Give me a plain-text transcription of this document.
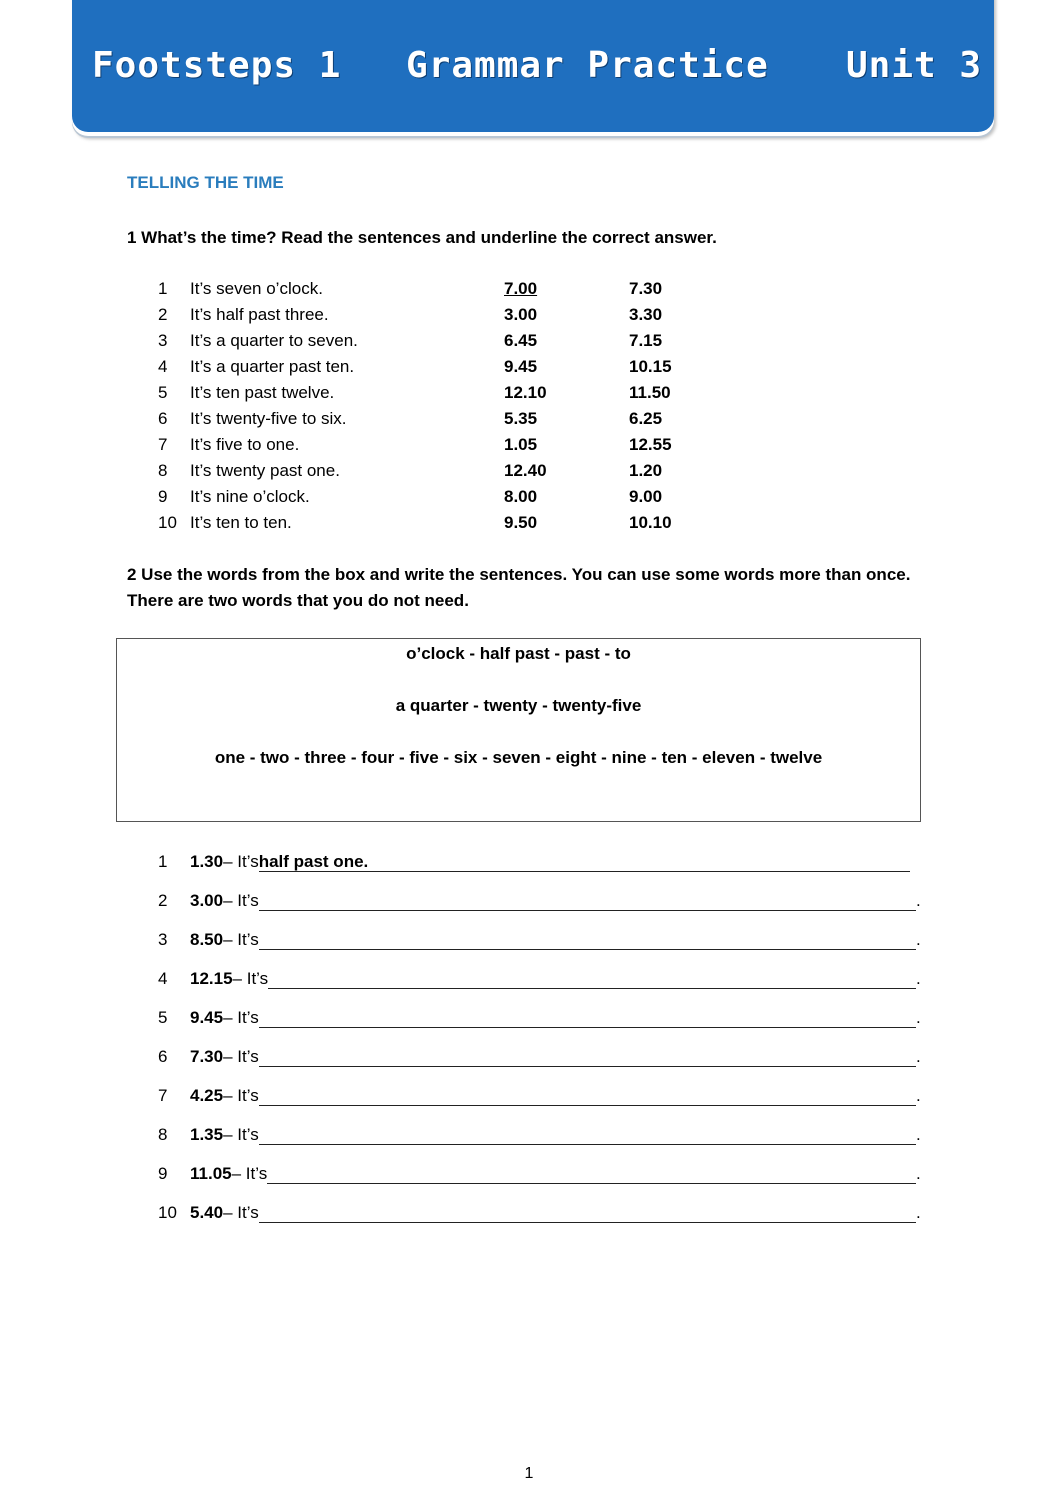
Footsteps 1 Grammar Practice Unit 3
TELLING THE TIME
1 What’s the time? Read the sentences and underline the correct answer.
1 It’s seven o’clock.	7.00	7.30
2 It’s half past three.	3.00	3.30
3 It’s a quarter to seven.	6.45	7.15
4 It’s a quarter past ten.	9.45	10.15
5 It’s ten past twelve.	12.10	11.50
6 It’s twenty-five to six.	5.35	6.25
7 It’s five to one.	1.05	12.55
8 It’s twenty past one.	12.40	1.20
9 It’s nine o’clock.	8.00	9.00
10 It’s ten to ten.	9.50	10.10
2 Use the words from the box and write the sentences. You can use some words more than once. There are two words that you do not need.
o’clock - half past - past - to
a quarter - twenty - twenty-five
one - two - three - four - five - six - seven - eight - nine - ten - eleven - twelve
1 1.30 – It’s half past one.
2 3.00 – It’s	.
3 8.50 – It’s	.
4 12.15 – It’s	.
5 9.45 – It’s	.
6 7.30 – It’s	.
7 4.25 – It’s	.
8 1.35 – It’s	.
9 11.05 – It’s	.
10 5.40 – It’s	.
1
